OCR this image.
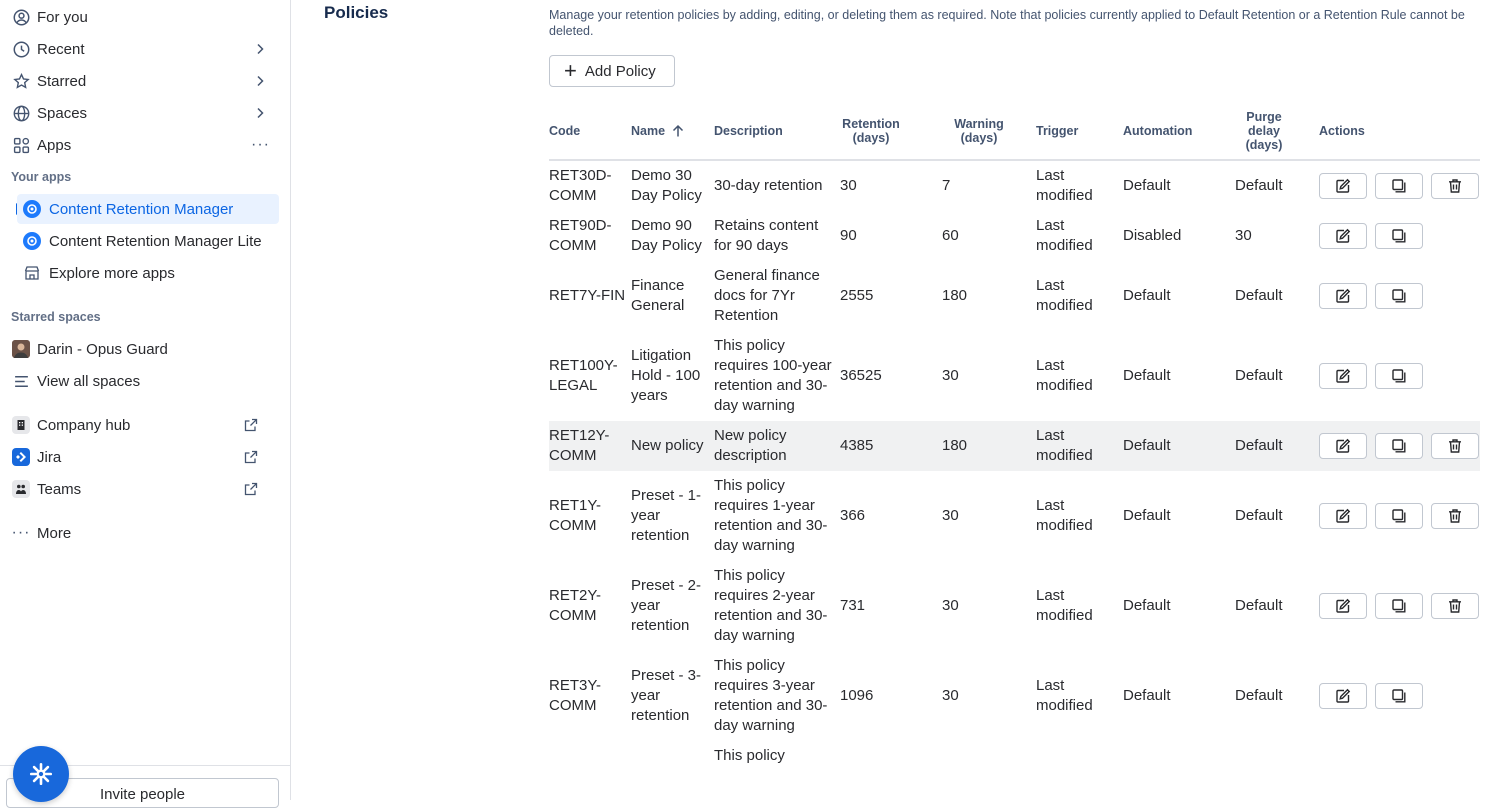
For you
Recent
Starred
Spaces
Apps	···
Your apps
Content Retention Manager
Content Retention Manager Lite
Explore more apps
Starred spaces
Darin - Opus Guard
View all spaces
Company hub
Jira
Teams
··· More
Invite people
Policies	Manage your retention policies by adding, editing, or deleting them as required. Note that policies currently applied to Default Retention or a Retention Rule cannot be deleted.
+ Add Policy
Code	Name	Description	Retention (days)	Warning (days)	Trigger	Automation	Purge delay (days)	Actions
RET30D-COMM	Demo 30 Day Policy	30-day retention	30	7	Last modified	Default	Default	

RET90D-COMM	Demo 90 Day Policy	Retains content for 90 days	90	60	Last modified	Disabled	30	

RET7Y-FIN	Finance General	General finance docs for 7Yr Retention	2555	180	Last modified	Default	Default	

RET100Y-LEGAL	Litigation Hold - 100 years	This policy requires 100-year retention and 30-day warning	36525	30	Last modified	Default	Default	

RET12Y-COMM	New policy	New policy description	4385	180	Last modified	Default	Default	

RET1Y-COMM	Preset - 1-year retention	This policy requires 1-year retention and 30-day warning	366	30	Last modified	Default	Default	

RET2Y-COMM	Preset - 2-year retention	This policy requires 2-year retention and 30-day warning	731	30	Last modified	Default	Default	

RET3Y-COMM	Preset - 3-year retention	This policy requires 3-year retention and 30-day warning	1096	30	Last modified	Default	Default	

		This policy						
